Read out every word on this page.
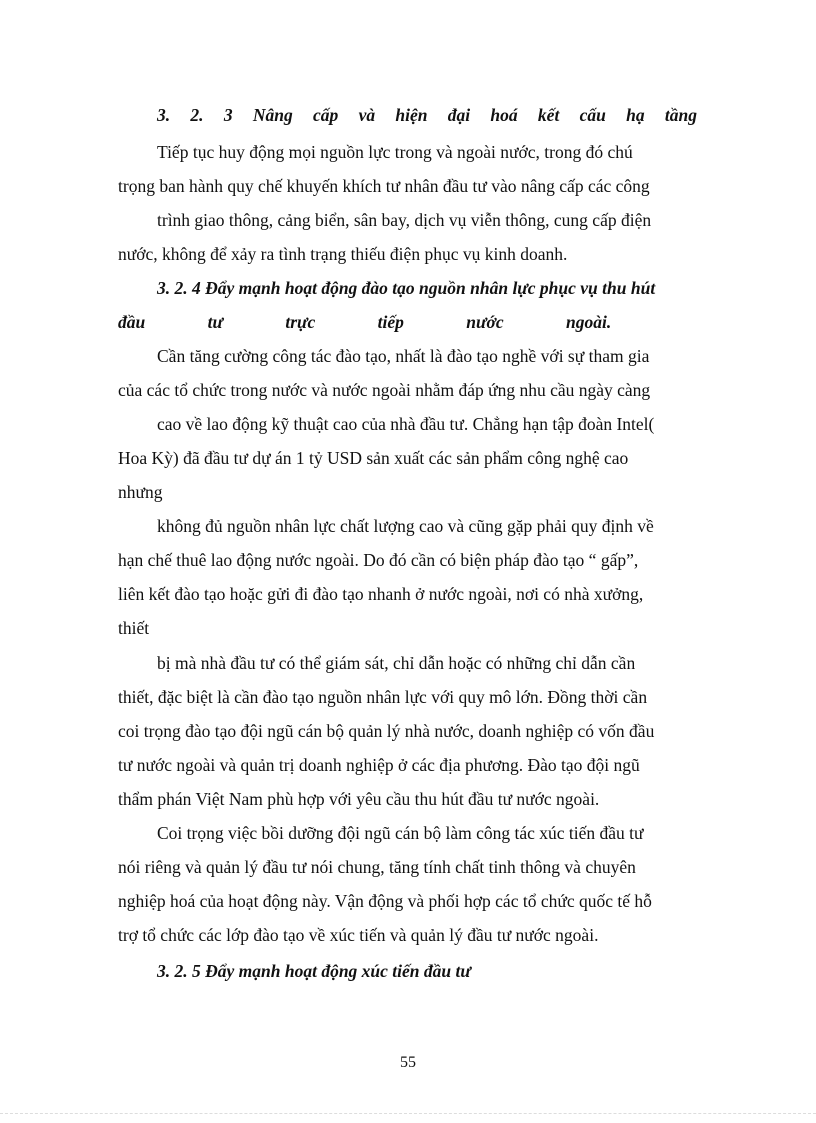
3. 2. 3 Nâng cấp và hiện đại hoá kết cấu hạ tầng
Tiếp tục huy động mọi nguồn lực trong và ngoài nước, trong đó chú
trọng ban hành quy chế khuyến khích tư nhân đầu tư vào nâng cấp các công
trình giao thông, cảng biển, sân bay, dịch vụ viễn thông, cung cấp điện
nước, không để xảy ra tình trạng thiếu điện phục vụ kinh doanh.
3. 2. 4 Đẩy mạnh hoạt động đào tạo nguồn nhân lực phục vụ thu hút
đầu tư trực tiếp nước ngoài.
Cần tăng cường công tác đào tạo, nhất là đào tạo nghề với sự tham gia
của các tổ chức trong nước và nước ngoài nhằm đáp ứng nhu cầu ngày càng
cao về lao động kỹ thuật cao của nhà đầu tư. Chẳng hạn tập đoàn Intel(
Hoa Kỳ) đã đầu tư dự án 1 tỷ USD sản xuất các sản phẩm công nghệ cao
nhưng
không đủ nguồn nhân lực chất lượng cao và cũng gặp phải quy định về
hạn chế thuê lao động nước ngoài. Do đó cần có biện pháp đào tạo “ gấp”,
liên kết đào tạo hoặc gửi đi đào tạo nhanh ở nước ngoài, nơi có nhà xưởng,
thiết
bị mà nhà đầu tư có thể giám sát, chỉ dẫn hoặc có những chỉ dẫn cần
thiết, đặc biệt là cần đào tạo nguồn nhân lực với quy mô lớn. Đồng thời cần
coi trọng đào tạo đội ngũ cán bộ quản lý nhà nước, doanh nghiệp có vốn đầu
tư nước ngoài và quản trị doanh nghiệp ở các địa phương. Đào tạo đội ngũ
thẩm phán Việt Nam phù hợp với yêu cầu thu hút đầu tư nước ngoài.
Coi trọng việc bồi dưỡng đội ngũ cán bộ làm công tác xúc tiến đầu tư
nói riêng và quản lý đầu tư nói chung, tăng tính chất tinh thông và chuyên
nghiệp hoá của hoạt động này. Vận động và phối hợp các tổ chức quốc tế hỗ
trợ tổ chức các lớp đào tạo về xúc tiến và quản lý đầu tư nước ngoài.
3. 2. 5 Đẩy mạnh hoạt động xúc tiến đầu tư
55
